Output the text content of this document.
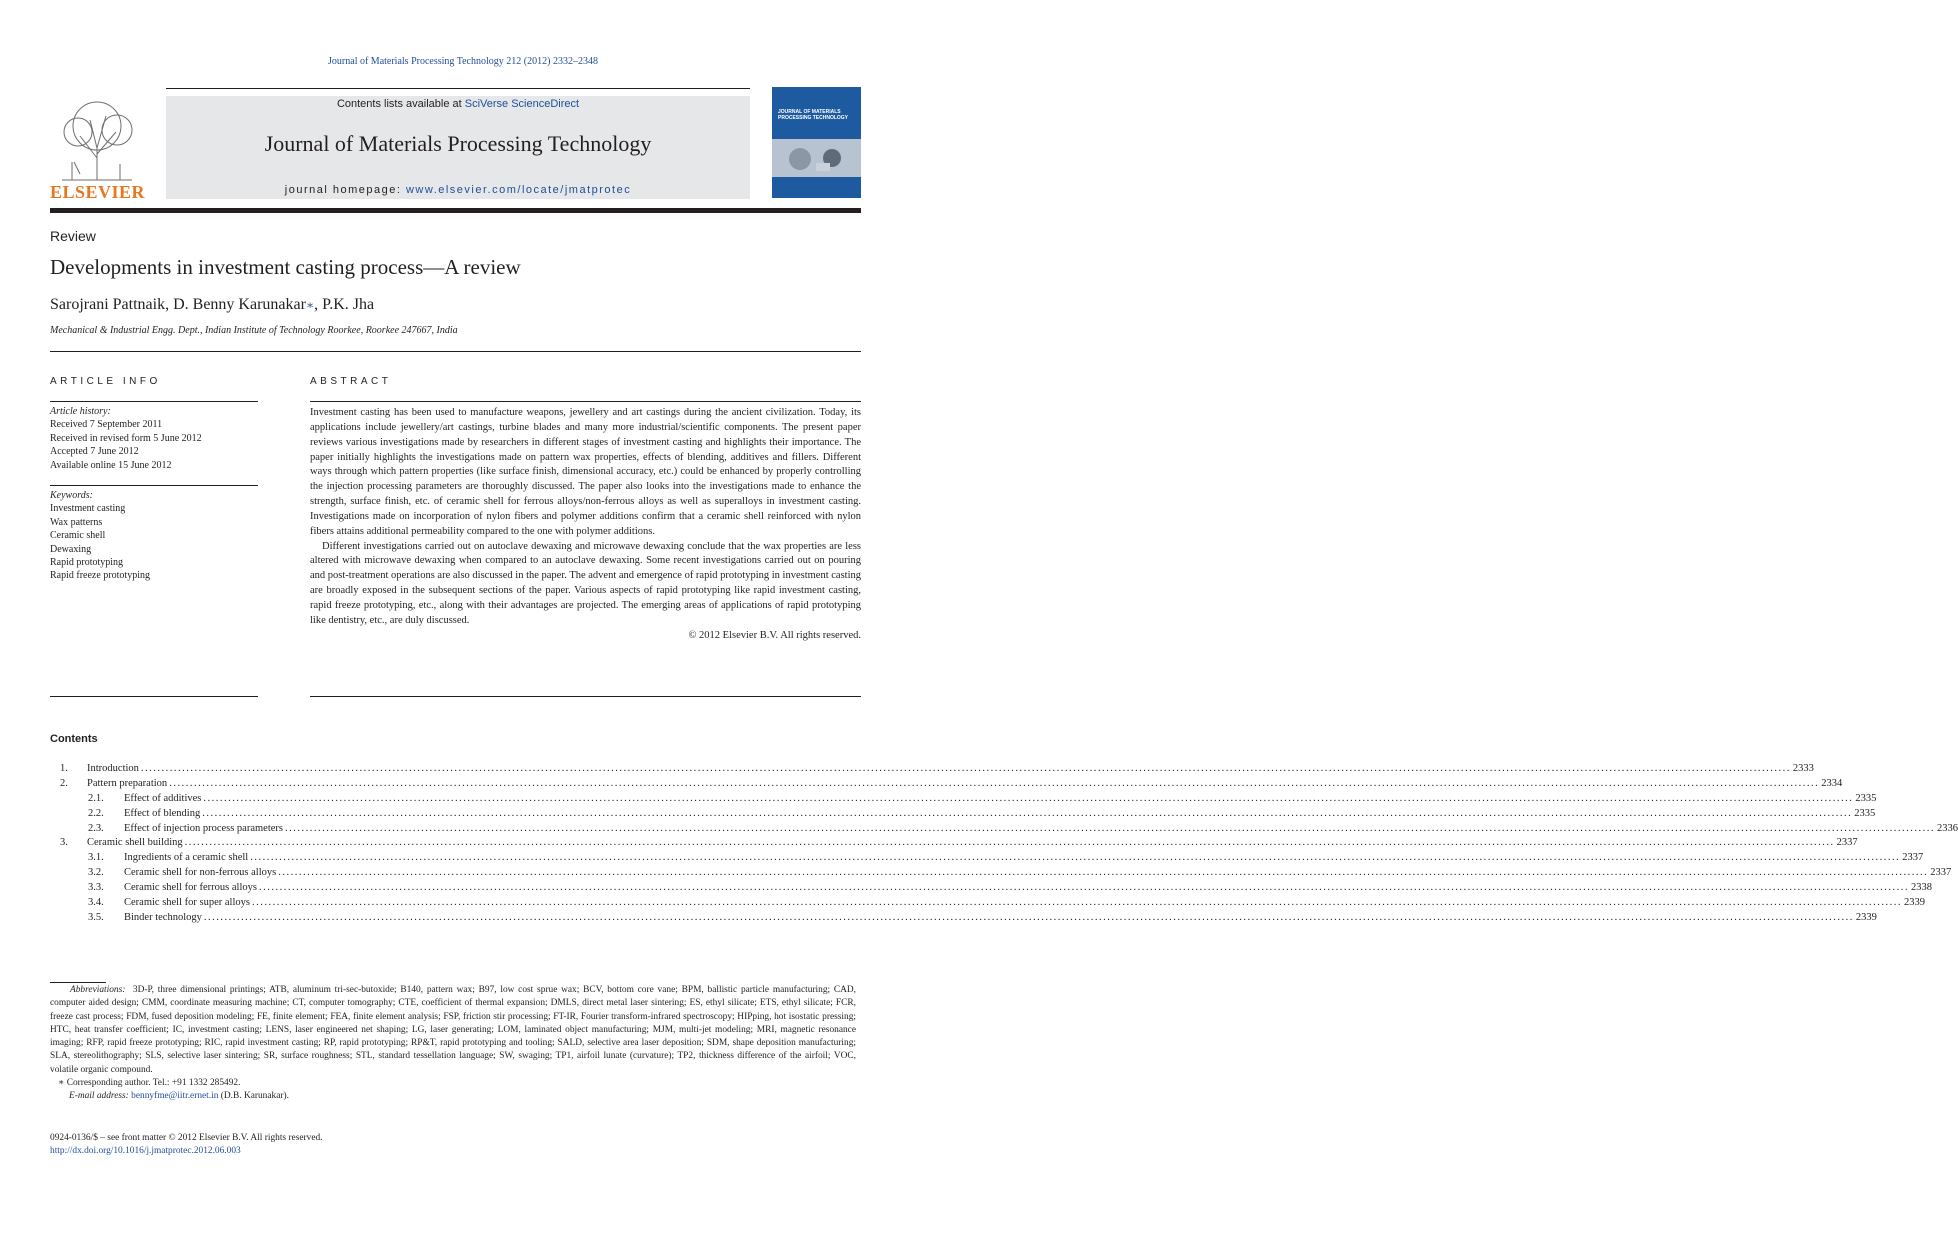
Journal of Materials Processing Technology 212 (2012) 2332–2348
ELSEVIER
Contents lists available at SciVerse ScienceDirect
Journal of Materials Processing Technology
journal homepage: www.elsevier.com/locate/jmatprotec
JOURNAL OF MATERIALS PROCESSING TECHNOLOGY
Review
Developments in investment casting process—A review
Sarojrani Pattnaik, D. Benny Karunakar∗, P.K. Jha
Mechanical & Industrial Engg. Dept., Indian Institute of Technology Roorkee, Roorkee 247667, India
ARTICLE INFO
Article history:
Received 7 September 2011
Received in revised form 5 June 2012
Accepted 7 June 2012
Available online 15 June 2012
Keywords:
Investment casting
Wax patterns
Ceramic shell
Dewaxing
Rapid prototyping
Rapid freeze prototyping
ABSTRACT

Investment casting has been used to manufacture weapons, jewellery and art castings during the ancient civilization. Today, its applications include jewellery/art castings, turbine blades and many more industrial/scientific components. The present paper reviews various investigations made by researchers in different stages of investment casting and highlights their importance. The paper initially highlights the investigations made on pattern wax properties, effects of blending, additives and fillers. Different ways through which pattern properties (like surface finish, dimensional accuracy, etc.) could be enhanced by properly controlling the injection processing parameters are thoroughly discussed. The paper also looks into the investigations made to enhance the strength, surface finish, etc. of ceramic shell for ferrous alloys/non-ferrous alloys as well as superalloys in investment casting. Investigations made on incorporation of nylon fibers and polymer additions confirm that a ceramic shell reinforced with nylon fibers attains additional permeability compared to the one with polymer additions.

Different investigations carried out on autoclave dewaxing and microwave dewaxing conclude that the wax properties are less altered with microwave dewaxing when compared to an autoclave dewaxing. Some recent investigations carried out on pouring and post-treatment operations are also discussed in the paper. The advent and emergence of rapid prototyping in investment casting are broadly exposed in the subsequent sections of the paper. Various aspects of rapid prototyping like rapid investment casting, rapid freeze prototyping, etc., along with their advantages are projected. The emerging areas of applications of rapid prototyping like dentistry, etc., are duly discussed.

© 2012 Elsevier B.V. All rights reserved.

Contents
1. Introduction ................................................................................................................................................................................................................................................................................................................................................................................................................ 2333
2. Pattern preparation ................................................................................................................................................................................................................................................................................................................................................................................................................ 2334
2.1. Effect of additives ................................................................................................................................................................................................................................................................................................................................................................................................................ 2335
2.2. Effect of blending ................................................................................................................................................................................................................................................................................................................................................................................................................ 2335
2.3. Effect of injection process parameters ................................................................................................................................................................................................................................................................................................................................................................................................................ 2336
3. Ceramic shell building ................................................................................................................................................................................................................................................................................................................................................................................................................ 2337
3.1. Ingredients of a ceramic shell ................................................................................................................................................................................................................................................................................................................................................................................................................ 2337
3.2. Ceramic shell for non-ferrous alloys ................................................................................................................................................................................................................................................................................................................................................................................................................ 2337
3.3. Ceramic shell for ferrous alloys ................................................................................................................................................................................................................................................................................................................................................................................................................ 2338
3.4. Ceramic shell for super alloys ................................................................................................................................................................................................................................................................................................................................................................................................................ 2339
3.5. Binder technology ................................................................................................................................................................................................................................................................................................................................................................................................................ 2339

Abbreviations: 3D-P, three dimensional printings; ATB, aluminum tri-sec-butoxide; B140, pattern wax; B97, low cost sprue wax; BCV, bottom core vane; BPM, ballistic particle manufacturing; CAD, computer aided design; CMM, coordinate measuring machine; CT, computer tomography; CTE, coefficient of thermal expansion; DMLS, direct metal laser sintering; ES, ethyl silicate; ETS, ethyl silicate; FCR, freeze cast process; FDM, fused deposition modeling; FE, finite element; FEA, finite element analysis; FSP, friction stir processing; FT-IR, Fourier transform-infrared spectroscopy; HIPping, hot isostatic pressing; HTC, heat transfer coefficient; IC, investment casting; LENS, laser engineered net shaping; LG, laser generating; LOM, laminated object manufacturing; MJM, multi-jet modeling; MRI, magnetic resonance imaging; RFP, rapid freeze prototyping; RIC, rapid investment casting; RP, rapid prototyping; RP&T, rapid prototyping and tooling; SALD, selective area laser deposition; SDM, shape deposition manufacturing; SLA, stereolithography; SLS, selective laser sintering; SR, surface roughness; STL, standard tessellation language; SW, swaging; TP1, airfoil lunate (curvature); TP2, thickness difference of the airfoil; VOC, volatile organic compound.

∗ Corresponding author. Tel.: +91 1332 285492.

E-mail address: bennyfme@iitr.ernet.in (D.B. Karunakar).

0924-0136/$ – see front matter © 2012 Elsevier B.V. All rights reserved.
http://dx.doi.org/10.1016/j.jmatprotec.2012.06.003
